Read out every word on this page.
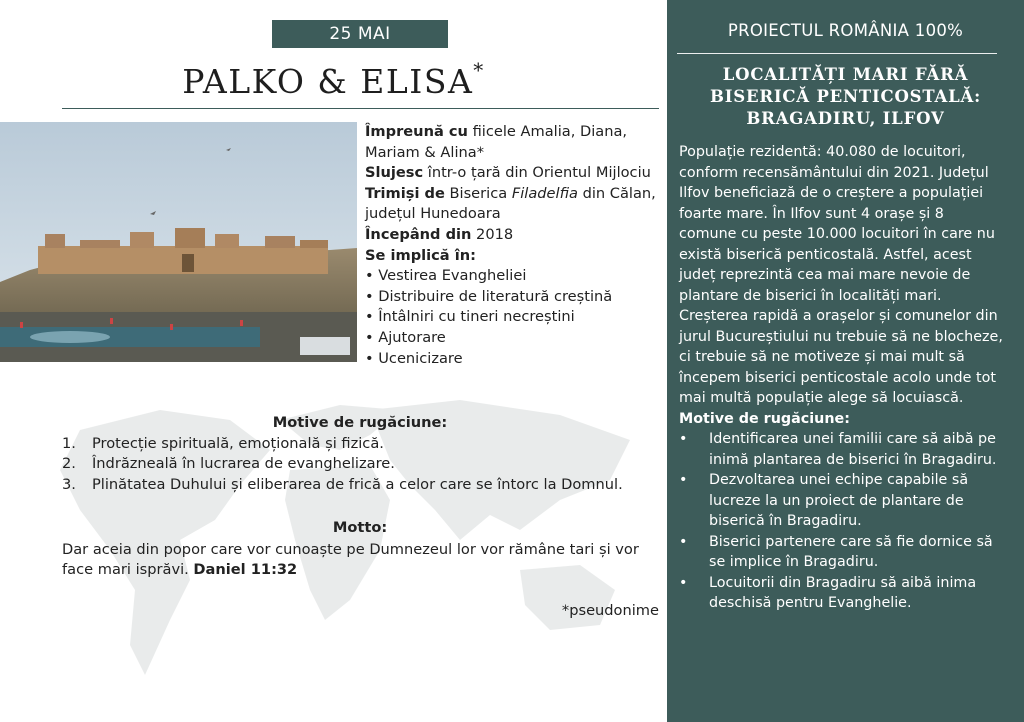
25 MAI
PALKO & ELISA*

Împreună cu fiicele Amalia, Diana, Mariam & Alina*

Slujesc într-o țară din Orientul Mijlociu

Trimiși de Biserica Filadelfia din Călan, județul Hunedoara

Începând din 2018

Se implică în:

• Vestirea Evangheliei
• Distribuire de literatură creștină
• Întâlniri cu tineri necreștini
• Ajutorare
• Ucenicizare
Motive de rugăciune:
1. Protecție spirituală, emoțională și fizică.
2. Îndrăzneală în lucrarea de evanghelizare.
3. Plinătatea Duhului și eliberarea de frică a celor care se întorc la Domnul.
Motto:
Dar aceia din popor care vor cunoaște pe Dumnezeul lor vor rămâne tari și vor face mari isprăvi. Daniel 11:32
*pseudonime
PROIECTUL ROMÂNIA 100%
LOCALITĂȚI MARI FĂRĂ
BISERICĂ PENTICOSTALĂ:
BRAGADIRU, ILFOV

Populație rezidentă: 40.080 de locuitori, conform recensământului din 2021. Județul Ilfov beneficiază de o creștere a populației foarte mare. În Ilfov sunt 4 orașe și 8 comune cu peste 10.000 locuitori în care nu există biserică penticostală. Astfel, acest județ reprezintă cea mai mare nevoie de plantare de biserici în localități mari. Creșterea rapidă a orașelor și comunelor din jurul Bucureștiului nu trebuie să ne blocheze, ci trebuie să ne motiveze și mai mult să începem biserici penticostale acolo unde tot mai multă populație alege să locuiască.

Motive de rugăciune:

• Identificarea unei familii care să aibă pe inimă plantarea de biserici în Bragadiru.
• Dezvoltarea unei echipe capabile să lucreze la un proiect de plantare de biserică în Bragadiru.
• Biserici partenere care să fie dornice să se implice în Bragadiru.
• Locuitorii din Bragadiru să aibă inima deschisă pentru Evanghelie.
